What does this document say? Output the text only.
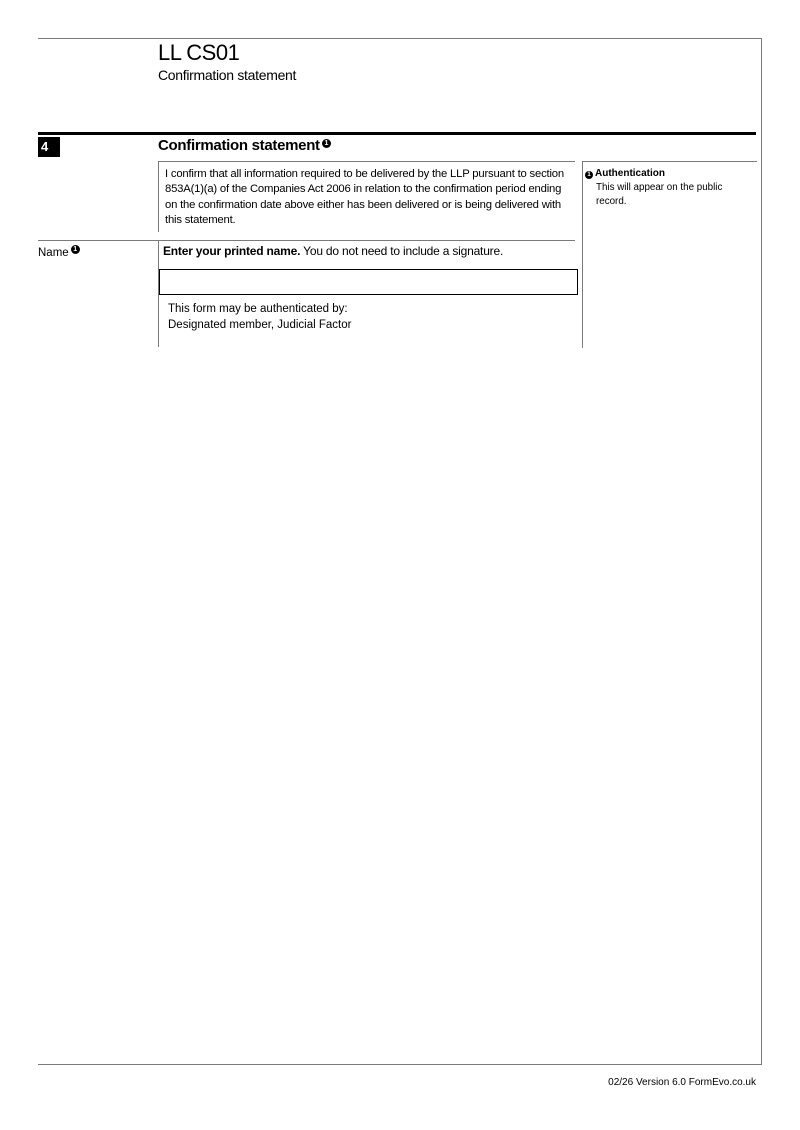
LL CS01
Confirmation statement
4	Confirmation statement 1
I confirm that all information required to be delivered by the LLP pursuant to section 853A(1)(a) of the Companies Act 2006 in relation to the confirmation period ending on the confirmation date above either has been delivered or is being delivered with this statement.
1 Authentication
This will appear on the public record.
Name 1	Enter your printed name. You do not need to include a signature.
This form may be authenticated by:
Designated member, Judicial Factor
02/26 Version 6.0 FormEvo.co.uk
